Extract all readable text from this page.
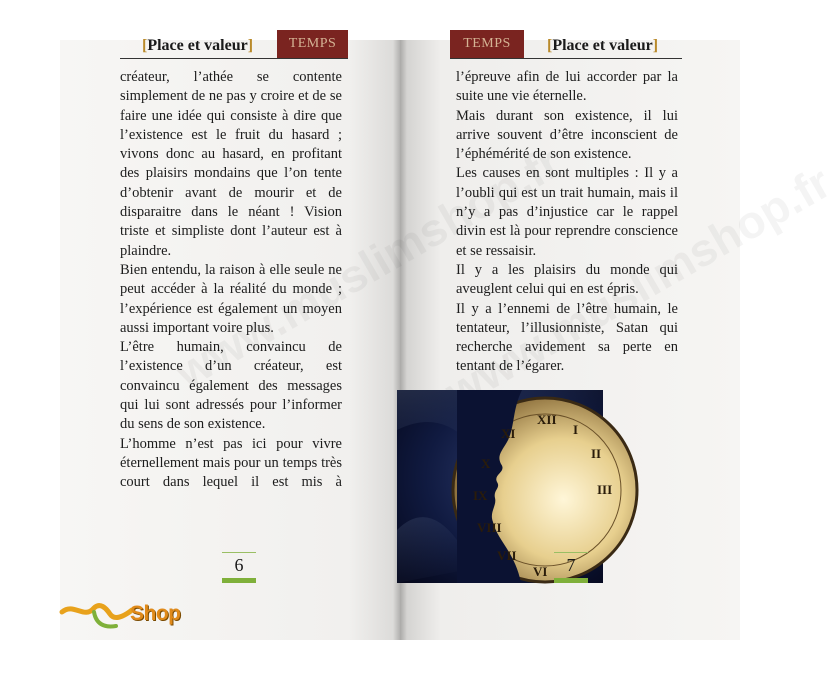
[Place et valeur]	TEMPS

créateur, l’athée se contente simplement de ne pas y croire et de se faire une idée qui consiste à dire que l’existence est le fruit du hasard ; vivons donc au hasard, en profitant des plaisirs mondains que l’on tente d’obtenir avant de mourir et de disparaitre dans le néant ! Vision triste et simpliste dont l’auteur est à plaindre.

Bien entendu, la raison à elle seule ne peut accéder à la réalité du monde ; l’expérience est également un moyen aussi important voire plus.

L’être humain, convaincu de l’existence d’un créateur, est convaincu également des messages qui lui sont adressés pour l’informer du sens de son existence.

L’homme n’est pas ici pour vivre éternellement mais pour un temps très court dans lequel il est mis à

6
TEMPS	[Place et valeur]

l’épreuve afin de lui accorder par la suite une vie éternelle.

Mais durant son existence, il lui arrive souvent d’être inconscient de l’éphémérité de son existence.

Les causes en sont multiples : Il y a l’oubli qui est un trait humain, mais il n’y a pas d’injustice car le rappel divin est là pour reprendre conscience et se ressaisir.

Il y a les plaisirs du monde qui aveuglent celui qui en est épris.

Il y a l’ennemi de l’être humain, le tentateur, l’illusionniste, Satan qui recherche avidement sa perte en tentant de l’égarer.

XII
I
II
XI
X
IX
VIII
VII
VI
III
7
Shop
